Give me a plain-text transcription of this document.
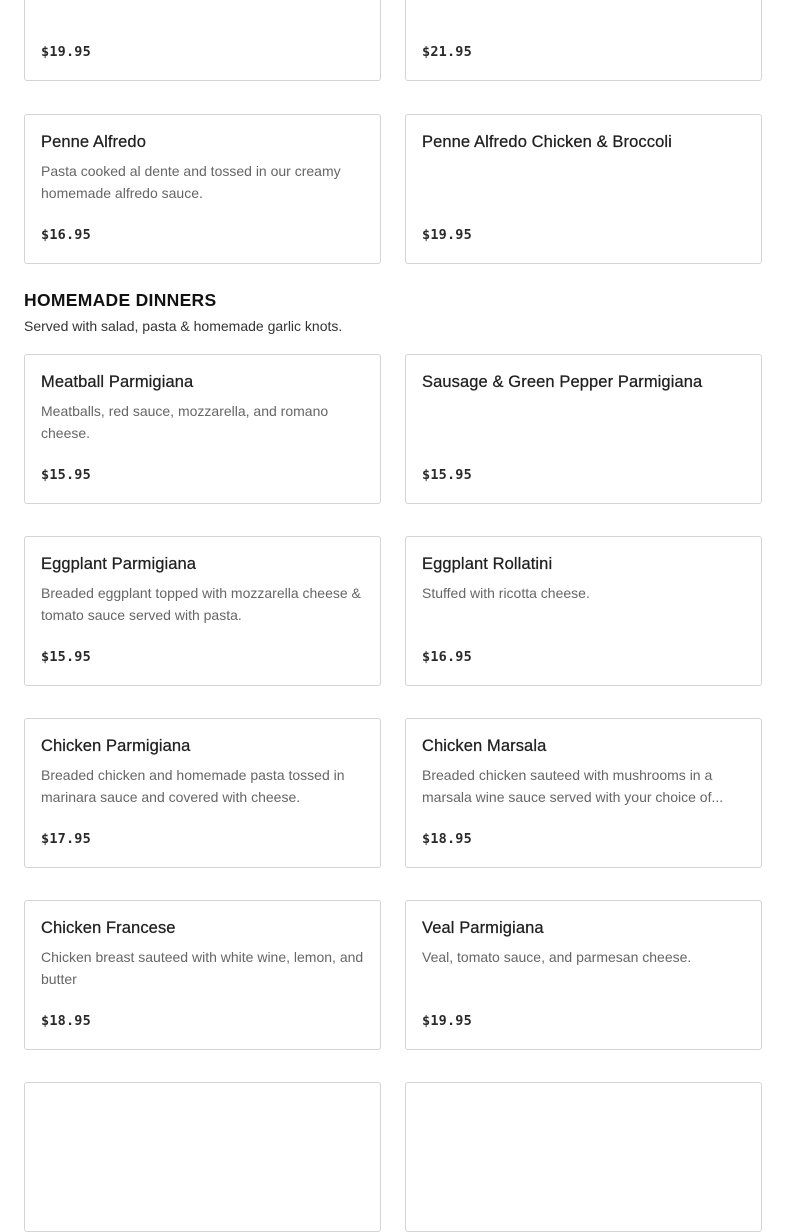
$19.95	$21.95
Penne Alfredo
Pasta cooked al dente and tossed in our creamy homemade alfredo sauce.
$16.95
Penne Alfredo Chicken & Broccoli
$19.95
HOMEMADE DINNERS
Served with salad, pasta & homemade garlic knots.
Meatball Parmigiana
Meatballs, red sauce, mozzarella, and romano cheese.
$15.95
Sausage & Green Pepper Parmigiana
$15.95
Eggplant Parmigiana
Breaded eggplant topped with mozzarella cheese & tomato sauce served with pasta.
$15.95
Eggplant Rollatini
Stuffed with ricotta cheese.
$16.95
Chicken Parmigiana
Breaded chicken and homemade pasta tossed in marinara sauce and covered with cheese.
$17.95
Chicken Marsala
Breaded chicken sauteed with mushrooms in a marsala wine sauce served with your choice of...
$18.95
Chicken Francese
Chicken breast sauteed with white wine, lemon, and butter
$18.95
Veal Parmigiana
Veal, tomato sauce, and parmesan cheese.
$19.95
